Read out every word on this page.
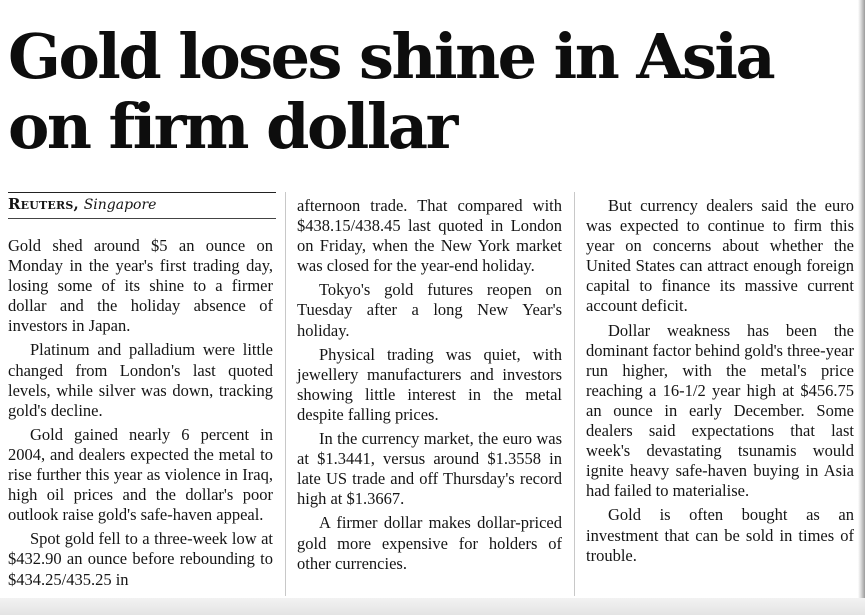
Gold loses shine in Asia
on firm dollar
Reuters, Singapore

Gold shed around $5 an ounce on Monday in the year's first trading day, losing some of its shine to a firmer dollar and the holiday absence of investors in Japan.

Platinum and palladium were little changed from London's last quoted levels, while silver was down, tracking gold's decline.

Gold gained nearly 6 percent in 2004, and dealers expected the metal to rise further this year as violence in Iraq, high oil prices and the dollar's poor outlook raise gold's safe-haven appeal.

Spot gold fell to a three-week low at $432.90 an ounce before rebounding to $434.25/435.25 in

afternoon trade. That compared with $438.15/438.45 last quoted in London on Friday, when the New York market was closed for the year-end holiday.

Tokyo's gold futures reopen on Tuesday after a long New Year's holiday.

Physical trading was quiet, with jewellery manufacturers and investors showing little interest in the metal despite falling prices.

In the currency market, the euro was at $1.3441, versus around $1.3558 in late US trade and off Thursday's record high at $1.3667.

A firmer dollar makes dollar-priced gold more expensive for holders of other currencies.

But currency dealers said the euro was expected to continue to firm this year on concerns about whether the United States can attract enough foreign capital to finance its massive current account deficit.

Dollar weakness has been the dominant factor behind gold's three-year run higher, with the metal's price reaching a 16-1/2 year high at $456.75 an ounce in early December. Some dealers said expectations that last week's devastating tsunamis would ignite heavy safe-haven buying in Asia had failed to materialise.

Gold is often bought as an investment that can be sold in times of trouble.
